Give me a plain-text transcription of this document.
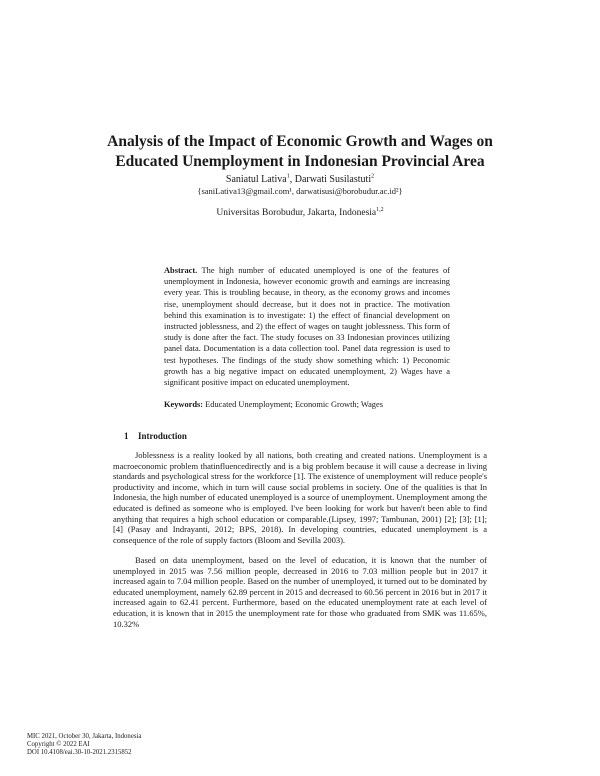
Analysis of the Impact of Economic Growth and Wages on Educated Unemployment in Indonesian Provincial Area
Saniatul Lativa$^1$, Darwati Susilastuti$^2$
{saniLativa13@gmail.com¹, darwatisusi@borobudur.ac.id²}
Universitas Borobudur, Jakarta, Indonesia$^{1,2}$

Abstract. The high number of educated unemployed is one of the features of unemployment in Indonesia, however economic growth and earnings are increasing every year. This is troubling because, in theory, as the economy grows and incomes rise, unemployment should decrease, but it does not in practice. The motivation behind this examination is to investigate: 1) the effect of financial development on instructed joblessness, and 2) the effect of wages on taught joblessness. This form of study is done after the fact. The study focuses on 33 Indonesian provinces utilizing panel data. Documentation is a data collection tool. Panel data regression is used to test hypotheses. The findings of the study show something which: 1) Peconomic growth has a big negative impact on educated unemployment, 2) Wages have a significant positive impact on educated unemployment.

Keywords: Educated Unemployment; Economic Growth; Wages
1 Introduction

Joblessness is a reality looked by all nations, both creating and created nations. Unemployment is a macroeconomic problem thatinfluencedirectly and is a big problem because it will cause a decrease in living standards and psychological stress for the workforce [1]. The existence of unemployment will reduce people's productivity and income, which in turn will cause social problems in society. One of the qualities is that In Indonesia, the high number of educated unemployed is a source of unemployment. Unemployment among the educated is defined as someone who is employed. I've been looking for work but haven't been able to find anything that requires a high school education or comparable.(Lipsey, 1997; Tambunan, 2001) [2]; [3]; [1]; [4] (Pasay and Indrayanti, 2012; BPS, 2018). In developing countries, educated unemployment is a consequence of the role of supply factors (Bloom and Sevilla 2003).

Based on data unemployment, based on the level of education, it is known that the number of unemployed in 2015 was 7.56 million people, decreased in 2016 to 7.03 million people but in 2017 it increased again to 7.04 million people. Based on the number of unemployed, it turned out to be dominated by educated unemployment, namely 62.89 percent in 2015 and decreased to 60.56 percent in 2016 but in 2017 it increased again to 62.41 percent. Furthermore, based on the educated unemployment rate at each level of education, it is known that in 2015 the unemployment rate for those who graduated from SMK was 11.65%, 10.32%

MIC 2021, October 30, Jakarta, Indonesia
Copyright © 2022 EAI
DOI 10.4108/eai.30-10-2021.2315852
